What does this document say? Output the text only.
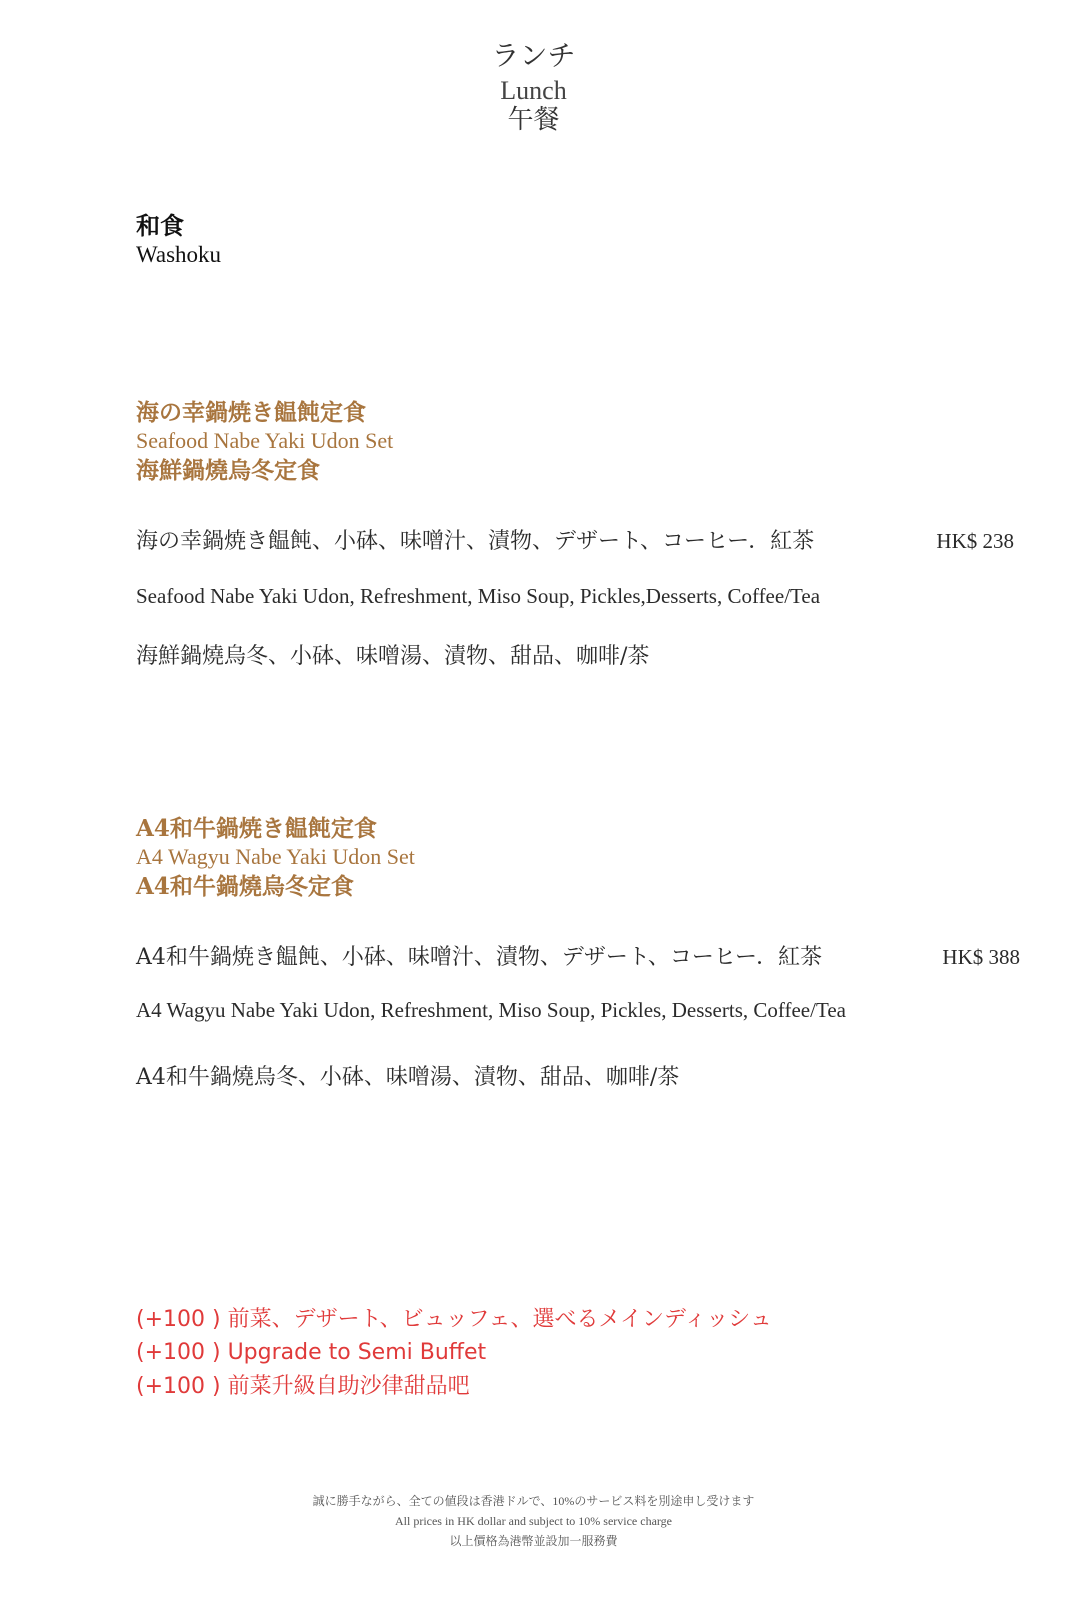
ランチ
Lunch
午餐
和食
Washoku
海の幸鍋焼き饂飩定食
Seafood Nabe Yaki Udon Set
海鮮鍋燒烏冬定食
海の幸鍋焼き饂飩、小砵、味噌汁、漬物、デザート、コーヒー．紅茶	HK$ 238
Seafood Nabe Yaki Udon, Refreshment, Miso Soup, Pickles,Desserts, Coffee/Tea
海鮮鍋燒烏冬、小砵、味噌湯、漬物、甜品、咖啡/茶
A4和牛鍋焼き饂飩定食
A4 Wagyu Nabe Yaki Udon Set
A4和牛鍋燒烏冬定食
A4和牛鍋焼き饂飩、小砵、味噌汁、漬物、デザート、コーヒー．紅茶	HK$ 388
A4 Wagyu Nabe Yaki Udon, Refreshment, Miso Soup, Pickles, Desserts, Coffee/Tea
A4和牛鍋燒烏冬、小砵、味噌湯、漬物、甜品、咖啡/茶
(+100 ) 前菜、デザート、ビュッフェ、選べるメインディッシュ
(+100 ) Upgrade to Semi Buffet
(+100 ) 前菜升級自助沙律甜品吧
誠に勝手ながら、全ての値段は香港ドルで、10%のサービス料を別途申し受けます
All prices in HK dollar and subject to 10% service charge
以上價格為港幣並設加一服務費
